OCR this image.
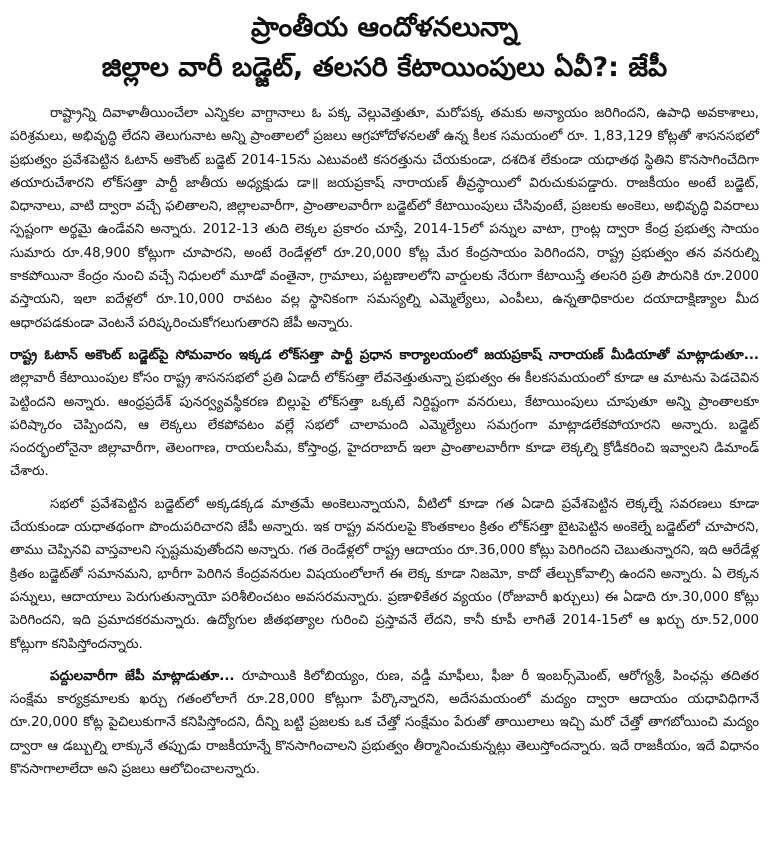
ప్రాంతీయ ఆందోళనలున్నా
జిల్లాల వారీ బడ్జెట్, తలసరి కేటాయింపులు ఏవీ?: జేపీ

రాష్ట్రాన్ని దివాళాతీయించేలా ఎన్నికల వాగ్దానాలు ఓ పక్క వెల్లువెత్తుతూ, మరోపక్క తమకు అన్యాయం జరిగిందని, ఉపాధి అవకాశాలు, పరిశ్రమలు, అభివృద్ధి లేదని తెలుగునాట అన్ని ప్రాంతాలలో ప్రజలు ఆగ్రహోదోళనలతో ఉన్న కీలక సమయంలో రూ. 1,83,129 కోట్లతో శాసనసభలో ప్రభుత్వం ప్రవేశపెట్టిన ఓటాన్ అకౌంట్ బడ్జెట్ 2014-15ను ఎటువంటి కసరత్తును చేయకుండా, దశదిశ లేకుండా యధాతథ స్థితిని కొనసాగించేదిగా తయారుచేశారని లోక్‌సత్తా పార్టీ జాతీయ అధ్యక్షుడు డా॥ జయప్రకాష్ నారాయణ్ తీవ్రస్థాయిలో విరుచుకుపడ్డారు. రాజకీయం అంటే బడ్జెట్, విధానాలు, వాటి ద్వారా వచ్చే ఫలితాలని, జిల్లాలవారీగా, ప్రాంతాలవారీగా బడ్జెట్‌లో కేటాయింపులు చేసివుంటే, ప్రజలకు అంకెలు, అభివృద్ధి వివరాలు స్పష్టంగా అర్థమై ఉండేవని అన్నారు. 2012-13 తుది లెక్కల ప్రకారం చూస్తే, 2014-15లో పన్నుల వాటా, గ్రాంట్ల ద్వారా కేంద్ర ప్రభుత్వ సాయం సుమారు రూ.48,900 కోట్లుగా చూపారని, అంటే రెండేళ్లలో రూ.20,000 కోట్ల మేర కేంద్రసాయం పెరిగిందని, రాష్ట్ర ప్రభుత్వం తన వనరుల్ని కాకపోయినా కేంద్రం నుంచి వచ్చే నిధులలో మూడో వంతైనా, గ్రామాలు, పట్టణాలలోని వార్డులకు నేరుగా కేటాయిస్తే తలసరి ప్రతి పౌరునికి రూ.2000 వస్తాయని, ఇలా ఐదేళ్లలో రూ.10,000 రావటం వల్ల స్థానికంగా సమస్యల్ని ఎమ్మెల్యేలు, ఎంపీలు, ఉన్నతాధికారుల దయాదాక్షిణ్యాల మీద ఆధారపడకుండా వెంటనే పరిష్కరించుకోగలుగుతారని జేపీ అన్నారు.

రాష్ట్ర ఓటాన్ అకౌంట్ బడ్జెట్‌పై సోమవారం ఇక్కడ లోక్‌సత్తా పార్టీ ప్రధాన కార్యాలయంలో జయప్రకాష్ నారాయణ్ మీడియాతో మాట్లాడుతూ... జిల్లావారీ కేటాయింపుల కోసం రాష్ట్ర శాసనసభలో ప్రతి ఏడాదీ లోక్‌సత్తా లేవనెత్తుతున్నా ప్రభుత్వం ఈ కీలకసమయంలో కూడా ఆ మాటను పెడచెవిన పెట్టిందని అన్నారు. ఆంధ్రప్రదేశ్ పునర్వ్యవస్థీకరణ బిల్లుపై లోక్‌సత్తా ఒక్కటే నిర్దిష్టంగా వనరులు, కేటాయింపులు చూపుతూ అన్ని ప్రాంతాలకూ పరిష్కారం చెప్పిందని, ఆ లెక్కలు లేకపోవటం వల్లే సభలో చాలామంది ఎమ్మెల్యేలు సమగ్రంగా మాట్లాడలేకపోయారని అన్నారు. బడ్జెట్ సందర్భంలోనైనా జిల్లావారీగా, తెలంగాణ, రాయలసీమ, కోస్తాంధ్ర, హైదరాబాద్ ఇలా ప్రాంతాలవారీగా కూడా లెక్కల్ని క్రోడీకరించి ఇవ్వాలని డిమాండ్ చేశారు.

సభలో ప్రవేశపెట్టిన బడ్జెట్‌లో అక్కడక్కడ మాత్రమే అంకెలున్నాయని, వీటిలో కూడా గత ఏడాది ప్రవేశపెట్టిన లెక్కల్నే సవరణలు కూడా చేయకుండా యధాతథంగా పొందుపరిచారని జేపీ అన్నారు. ఇక రాష్ట్ర వనరులపై కొంతకాలం క్రితం లోక్‌సత్తా బైటపెట్టిన అంకెల్నే బడ్జెట్‌లో చూపారని, తాము చెప్పినవి వాస్తవాలని స్పష్టమవుతోందని అన్నారు. గత రెండేళ్లలో రాష్ట్ర ఆదాయం రూ.36,000 కోట్లు పెరిగిందని చెబుతున్నారని, ఇది ఆరేడేళ్ల క్రితం బడ్జెట్‌తో సమానమని, భారీగా పెరిగిన కేంద్రవనరుల విషయంలోలాగే ఈ లెక్క కూడా నిజమో, కాదో తేల్చుకోవాల్సి ఉందని అన్నారు. ఏ లెక్కన పన్నులు, ఆదాయాలు పెరుగుతున్నాయో పరిశీలించటం అవసరమన్నారు. ప్రణాళికేతర వ్యయం (రోజువారీ ఖర్చులు) ఈ ఏడాది రూ.30,000 కోట్లు పెరిగిందని, ఇది ప్రమాదకరమన్నారు. ఉద్యోగుల జీతభత్యాల గురించి ప్రస్తావనే లేదని, కానీ కూపీ లాగితే 2014-15లో ఆ ఖర్చు రూ.52,000 కోట్లుగా కనిపిస్తోందన్నారు.

పద్దులవారీగా జేపీ మాట్లాడుతూ... రూపాయికి కిలోబియ్యం, రుణ, వడ్డీ మాఫీలు, ఫీజు రీ ఇంబర్స్‌మెంట్, ఆరోగ్యశ్రీ, పింఛన్లు తదితర సంక్షేమ కార్యక్రమాలకు ఖర్చు గతంలోలాగే రూ.28,000 కోట్లుగా పేర్కొన్నారని, అదేసమయంలో మద్యం ద్వారా ఆదాయం యధావిధిగానే రూ.20,000 కోట్ల పైచిలుకుగానే కనిపిస్తోందని, దీన్ని బట్టి ప్రజలకు ఒక చేత్తో సంక్షేమం పేరుతో తాయిలాలు ఇచ్చి మరో చేత్తో తాగబోయించి మద్యం ద్వారా ఆ డబ్బుల్ని లాక్కునే తప్పుడు రాజకీయాన్నే కొనసాగించాలని ప్రభుత్వం తీర్మానించుకున్నట్లు తెలుస్తోందన్నారు. ఇదే రాజకీయం, ఇదే విధానం కొనసాగాలాలేదా అని ప్రజలు ఆలోచించాలన్నారు.
